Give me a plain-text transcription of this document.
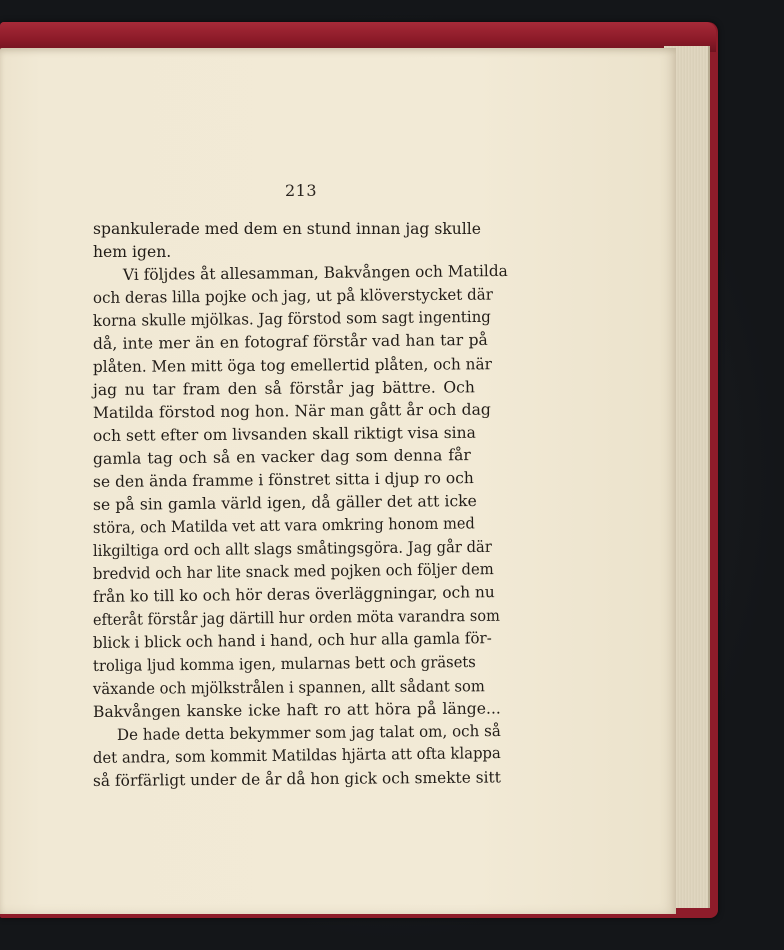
213
spankulerade med dem en stund innan jag skulle
hem igen.
Vi följdes åt allesamman, Bakvången och Matilda
och deras lilla pojke och jag, ut på klöverstycket där
korna skulle mjölkas. Jag förstod som sagt ingenting
då, inte mer än en fotograf förstår vad han tar på
plåten. Men mitt öga tog emellertid plåten, och när
jag nu tar fram den så förstår jag bättre. Och
Matilda förstod nog hon. När man gått år och dag
och sett efter om livsanden skall riktigt visa sina
gamla tag och så en vacker dag som denna får
se den ända framme i fönstret sitta i djup ro och
se på sin gamla värld igen, då gäller det att icke
störa, och Matilda vet att vara omkring honom med
likgiltiga ord och allt slags småtingsgöra. Jag går där
bredvid och har lite snack med pojken och följer dem
från ko till ko och hör deras överläggningar, och nu
efteråt förstår jag därtill hur orden möta varandra som
blick i blick och hand i hand, och hur alla gamla för-
troliga ljud komma igen, mularnas bett och gräsets
växande och mjölkstrålen i spannen, allt sådant som
Bakvången kanske icke haft ro att höra på länge...
De hade detta bekymmer som jag talat om, och så
det andra, som kommit Matildas hjärta att ofta klappa
så förfärligt under de år då hon gick och smekte sitt
